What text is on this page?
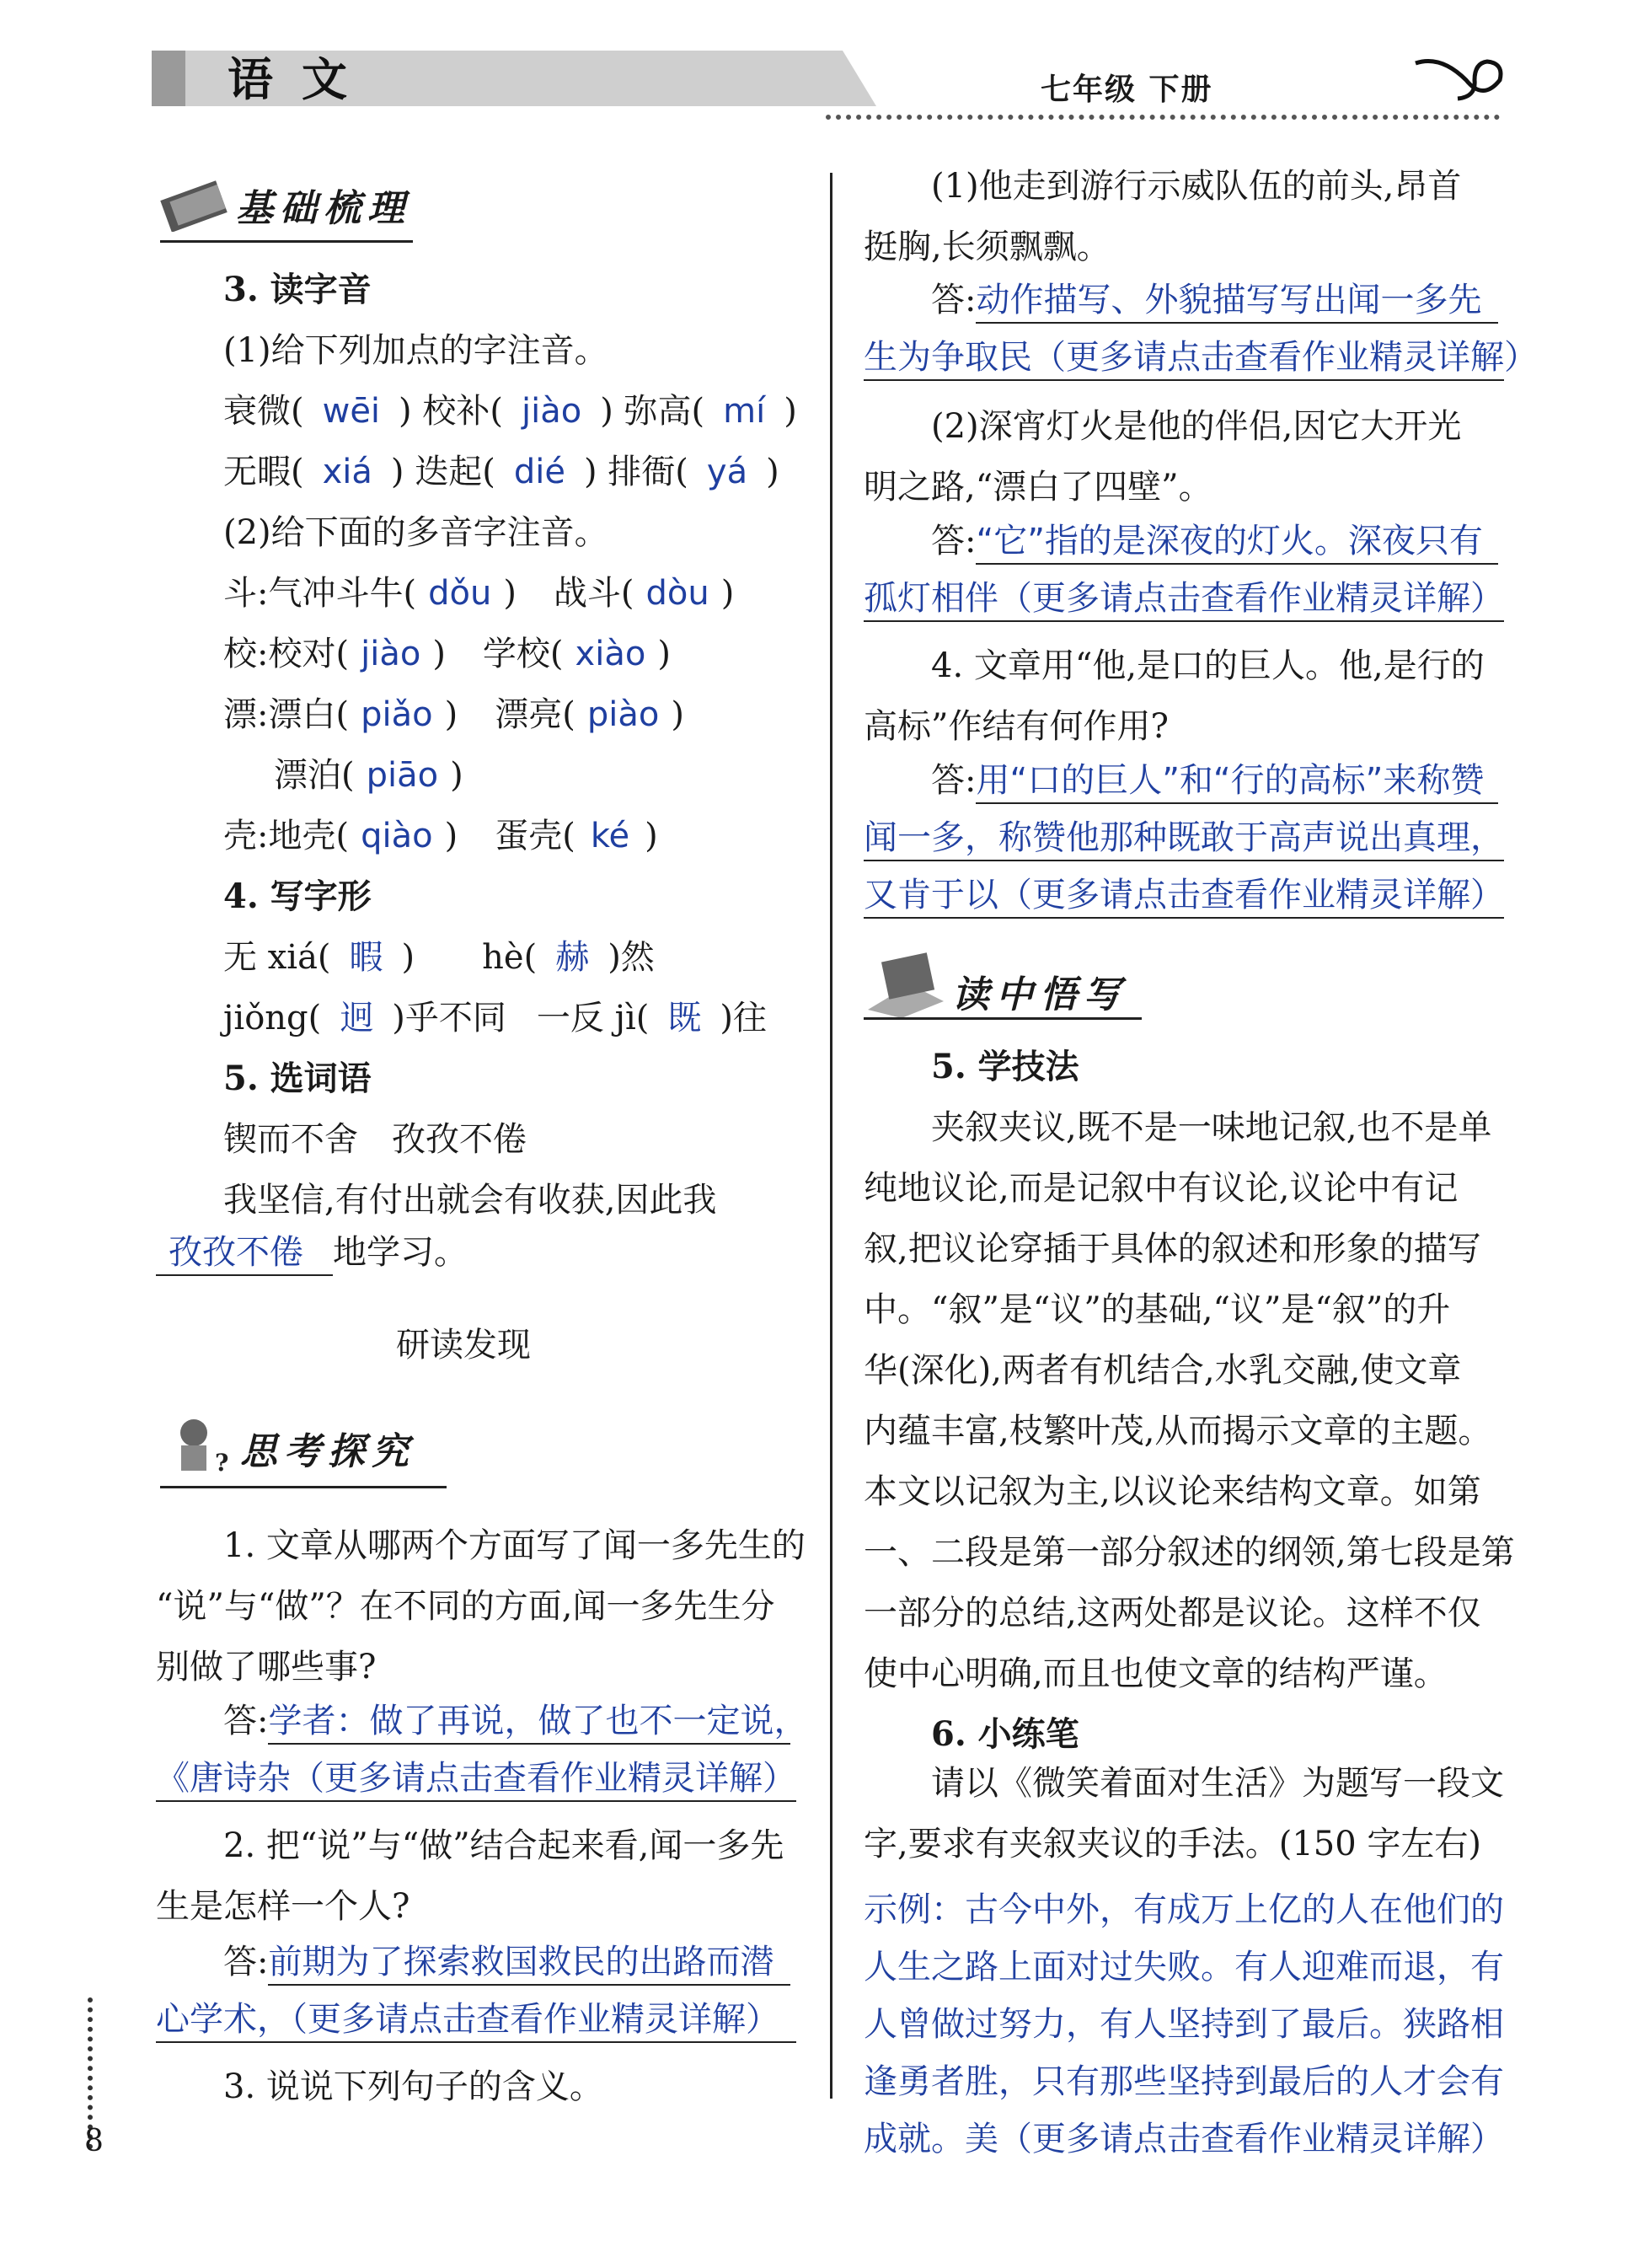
语文	七年级 下册
基础梳理
3. 读字音
(1)给下列加点的字注音。
衰微( wēi ) 校补( jiào ) 弥高( mí )
无暇( xiá ) 迭起( dié ) 排衙( yá )
(2)给下面的多音字注音。
斗:气冲斗牛( dǒu ) 战斗( dòu )
校:校对( jiào ) 学校( xiào )
漂:漂白( piǎo ) 漂亮( piào )
漂泊( piāo )
壳:地壳( qiào ) 蛋壳( ké )
4. 写字形
无 xiá( 暇 ) hè( 赫 )然
jiǒng( 迥 )乎不同 一反 jì( 既 )往
5. 选词语
锲而不舍　孜孜不倦
我坚信,有付出就会有收获,因此我
孜孜不倦 地学习。
研读发现
? 思考探究
1. 文章从哪两个方面写了闻一多先生的
“说”与“做”？在不同的方面,闻一多先生分
别做了哪些事?
答:学者：做了再说，做了也不一定说，
《唐诗杂（更多请点击查看作业精灵详解）
2. 把“说”与“做”结合起来看,闻一多先
生是怎样一个人?
答:前期为了探索救国救民的出路而潜
心学术，（更多请点击查看作业精灵详解）
3. 说说下列句子的含义。
8
(1)他走到游行示威队伍的前头,昂首
挺胸,长须飘飘。
答:动作描写、外貌描写写出闻一多先
生为争取民（更多请点击查看作业精灵详解）
(2)深宵灯火是他的伴侣,因它大开光
明之路,“漂白了四壁”。
答:“它”指的是深夜的灯火。深夜只有
孤灯相伴（更多请点击查看作业精灵详解）
4. 文章用“他,是口的巨人。他,是行的
高标”作结有何作用?
答:用“口的巨人”和“行的高标”来称赞
闻一多，称赞他那种既敢于高声说出真理，
又肯于以（更多请点击查看作业精灵详解）
读中悟写
5. 学技法
夹叙夹议,既不是一味地记叙,也不是单
纯地议论,而是记叙中有议论,议论中有记
叙,把议论穿插于具体的叙述和形象的描写
中。“叙”是“议”的基础,“议”是“叙”的升
华(深化),两者有机结合,水乳交融,使文章
内蕴丰富,枝繁叶茂,从而揭示文章的主题。
本文以记叙为主,以议论来结构文章。如第
一、二段是第一部分叙述的纲领,第七段是第
一部分的总结,这两处都是议论。这样不仅
使中心明确,而且也使文章的结构严谨。
6. 小练笔
请以《微笑着面对生活》为题写一段文
字,要求有夹叙夹议的手法。(150 字左右)
示例：古今中外，有成万上亿的人在他们的
人生之路上面对过失败。有人迎难而退，有
人曾做过努力，有人坚持到了最后。狭路相
逢勇者胜，只有那些坚持到最后的人才会有
成就。美（更多请点击查看作业精灵详解）
